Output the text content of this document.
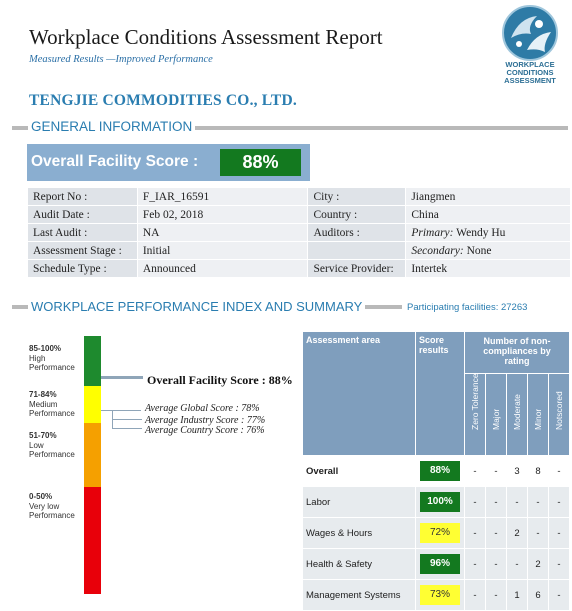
Workplace Conditions Assessment Report
Measured Results —Improved Performance	WORKPLACE
CONDITIONS
ASSESSMENT
TENGJIE COMMODITIES CO., LTD.
GENERAL INFORMATION
Overall Facility Score :	88%
Report No :	F_IAR_16591	City :	Jiangmen
Audit Date :	Feb 02, 2018	Country :	China
Last Audit :	NA	Auditors :	Primary: Wendy Hu
Assessment Stage :	Initial		Secondary: None
Schedule Type :	Announced	Service Provider:	Intertek
WORKPLACE PERFORMANCE INDEX AND SUMMARY	Participating facilities: 27263
85-100%
High Performance
71-84%
Medium Performance
51-70%
Low Performance
0-50%
Very low Performance
Overall Facility Score : 88%
Average Global Score : 78%
Average Industry Score : 77%
Average Country Score : 76%
Assessment area	Score results	Number of non-compliances by rating				

		Zero Tolerance	Major	Moderate	Minor	Notscored

Overall	88%	-	-	3	8	-
Labor	100%	-	-	-	-	-
Wages & Hours	72%	-	-	2	-	-
Health & Safety	96%	-	-	-	2	-
Management Systems	73%	-	-	1	6	-
